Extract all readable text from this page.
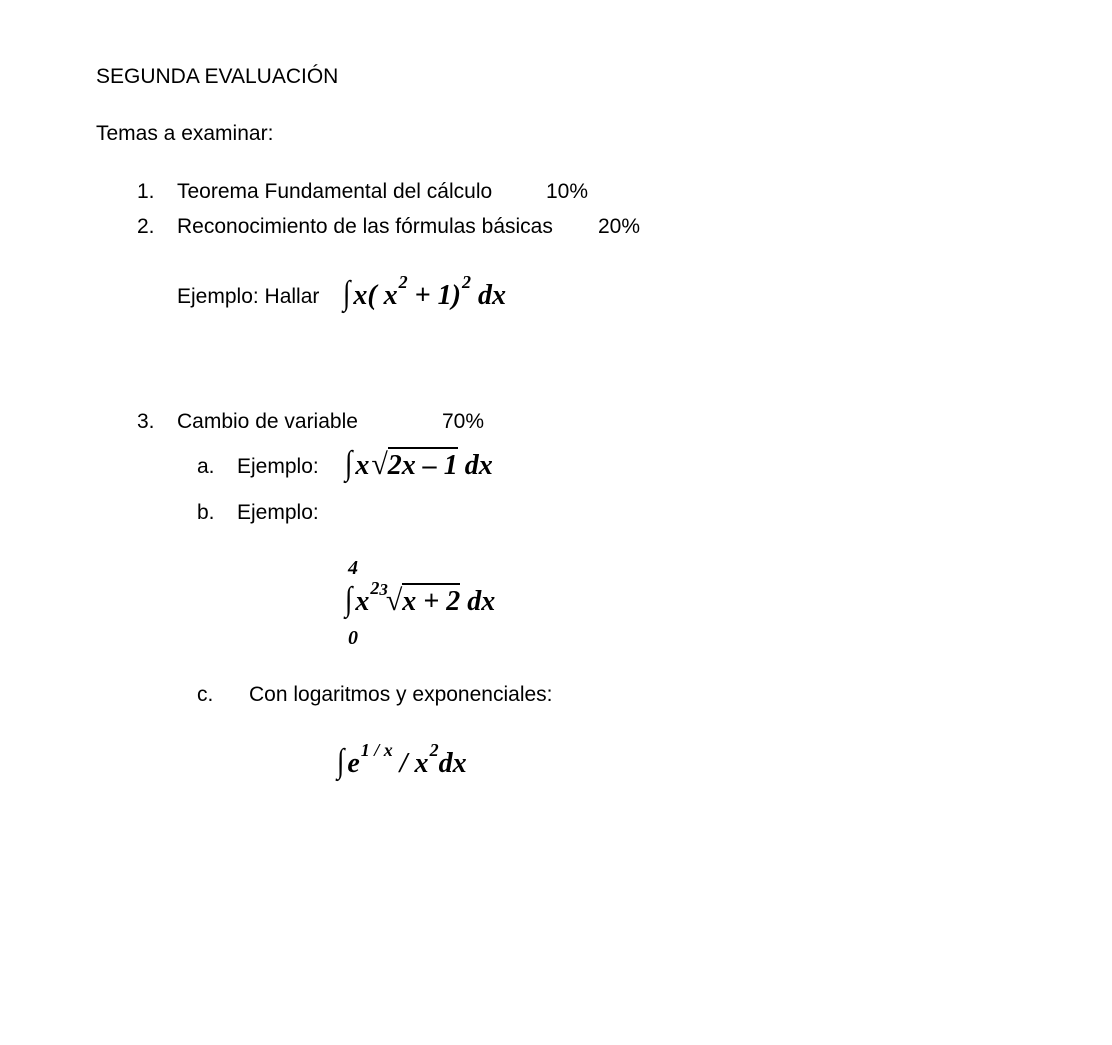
SEGUNDA EVALUACIÓN
Temas a examinar:
1. Teorema Fundamental del cálculo	10%
2. Reconocimiento de las fórmulas básicas 20%
Ejemplo: Hallar ∫ x( $x^2 + 1)^2$ dx
3. Cambio de variable	70%
a. Ejemplo: ∫ x√2x – 1 dx
b. Ejemplo:
4
0
∫ $x^{23}√x + 2$ dx
c. Con logaritmos y exponenciales:
∫ $e^{1 / x} / x^2dx$
